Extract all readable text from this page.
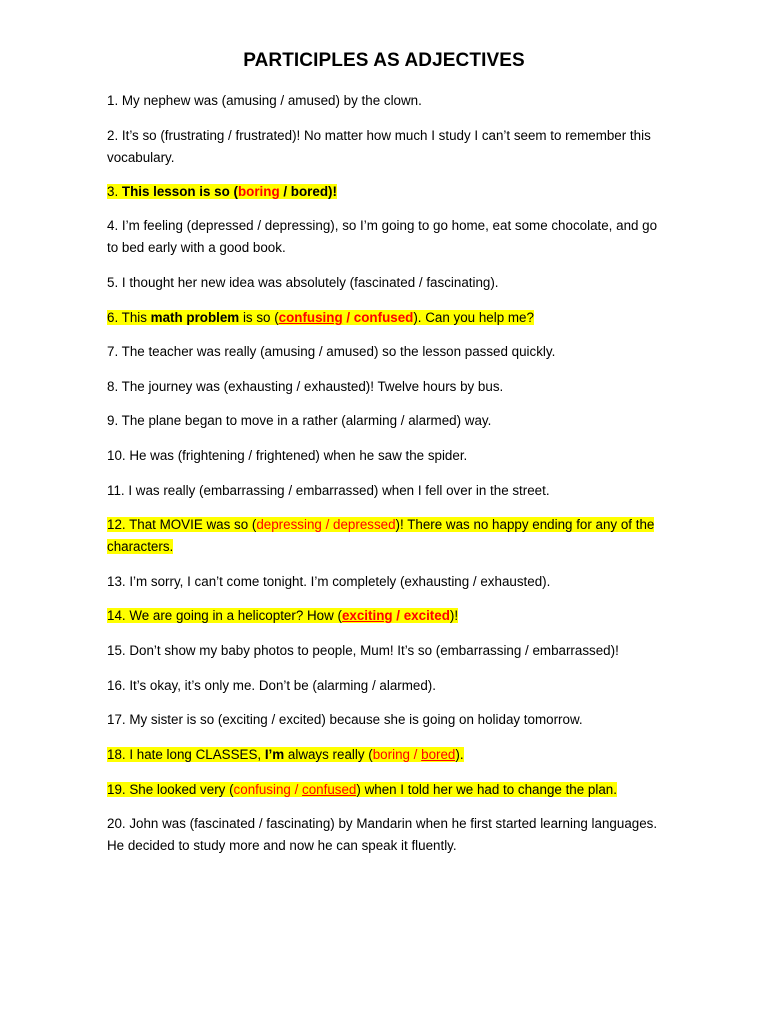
PARTICIPLES AS ADJECTIVES
1. My nephew was (amusing / amused) by the clown.
2. It’s so (frustrating / frustrated)! No matter how much I study I can’t seem to remember this vocabulary.
3. This lesson is so (boring / bored)!
4. I’m feeling (depressed / depressing), so I’m going to go home, eat some chocolate, and go to bed early with a good book.
5. I thought her new idea was absolutely (fascinated / fascinating).
6. This math problem is so (confusing / confused). Can you help me?
7. The teacher was really (amusing / amused) so the lesson passed quickly.
8. The journey was (exhausting / exhausted)! Twelve hours by bus.
9. The plane began to move in a rather (alarming / alarmed) way.
10. He was (frightening / frightened) when he saw the spider.
11. I was really (embarrassing / embarrassed) when I fell over in the street.
12. That MOVIE was so (depressing / depressed)! There was no happy ending for any of the characters.
13. I’m sorry, I can’t come tonight. I’m completely (exhausting / exhausted).
14. We are going in a helicopter? How (exciting / excited)!
15. Don’t show my baby photos to people, Mum! It’s so (embarrassing / embarrassed)!
16. It’s okay, it’s only me. Don’t be (alarming / alarmed).
17. My sister is so (exciting / excited) because she is going on holiday tomorrow.
18. I hate long CLASSES, I’m always really (boring / bored).
19. She looked very (confusing / confused) when I told her we had to change the plan.
20. John was (fascinated / fascinating) by Mandarin when he first started learning languages. He decided to study more and now he can speak it fluently.
